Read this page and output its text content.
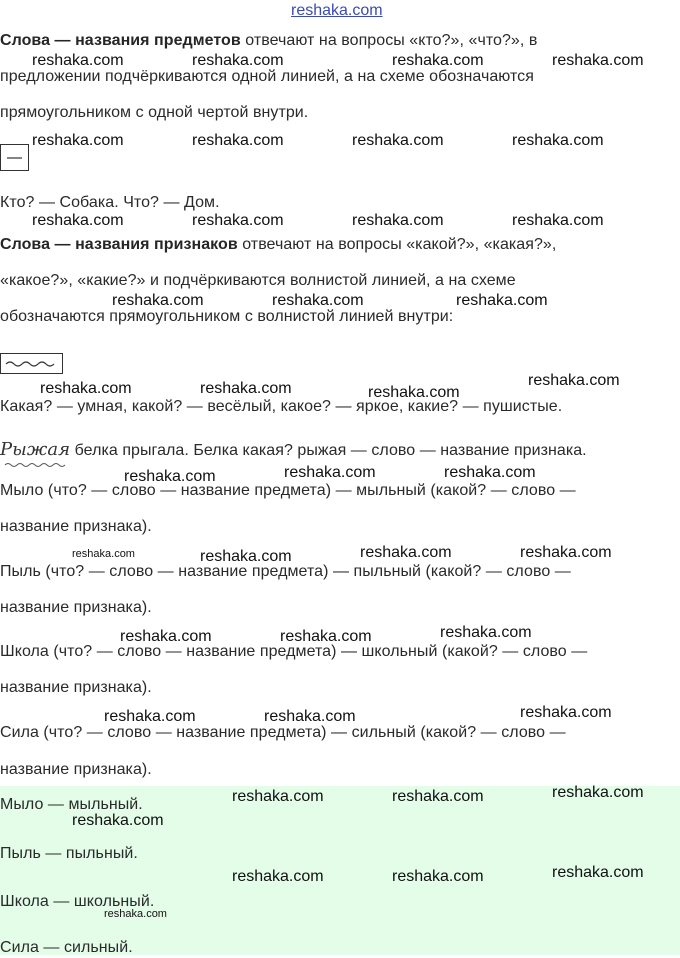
reshaka.com
Слова — названия предметов отвечают на вопросы «кто?», «что?», в
предложении подчёркиваются одной линией, а на схеме обозначаются
прямоугольником с одной чертой внутри.
Кто? — Собака. Что? — Дом.
Слова — названия признаков отвечают на вопросы «какой?», «какая?»,
«какое?», «какие?» и подчёркиваются волнистой линией, а на схеме
обозначаются прямоугольником с волнистой линией внутри:
Какая? — умная, какой? — весёлый, какое? — яркое, какие? — пушистые.
Рыжая белка прыгала. Белка какая? рыжая — слово — название признака.
Мыло (что? — слово — название предмета) — мыльный (какой? — слово —
название признака).
Пыль (что? — слово — название предмета) — пыльный (какой? — слово —
название признака).
Школа (что? — слово — название предмета) — школьный (какой? — слово —
название признака).
Сила (что? — слово — название предмета) — сильный (какой? — слово —
название признака).
Мыло — мыльный.
Пыль — пыльный.
Школа — школьный.
Сила — сильный.
reshaka.com	reshaka.com	reshaka.com	reshaka.com
reshaka.com	reshaka.com	reshaka.com	reshaka.com
reshaka.com	reshaka.com	reshaka.com	reshaka.com
reshaka.com	reshaka.com	reshaka.com
reshaka.com	reshaka.com	reshaka.com
reshaka.com
reshaka.com	reshaka.com	reshaka.com
reshaka.com	reshaka.com	reshaka.com	reshaka.com
reshaka.com	reshaka.com	reshaka.com
reshaka.com	reshaka.com	reshaka.com
reshaka.com	reshaka.com	reshaka.com
reshaka.com
reshaka.com	reshaka.com	reshaka.com
reshaka.com
